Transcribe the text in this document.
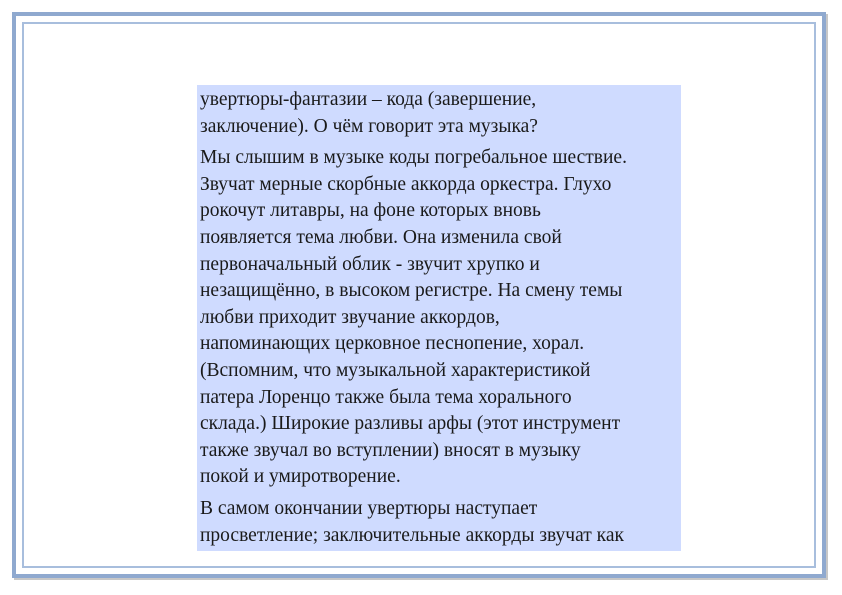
увертюры-фантазии – кода (завершение,
заключение). О чём говорит эта музыка?

Мы слышим в музыке коды погребальное шествие.
Звучат мерные скорбные аккорда оркестра. Глухо
рокочут литавры, на фоне которых вновь
появляется тема любви. Она изменила свой
первоначальный облик - звучит хрупко и
незащищённо, в высоком регистре. На смену темы
любви приходит звучание аккордов,
напоминающих церковное песнопение, хорал.
(Вспомним, что музыкальной характеристикой
патера Лоренцо также была тема хорального
склада.) Широкие разливы арфы (этот инструмент
также звучал во вступлении) вносят в музыку
покой и умиротворение.

В самом окончании увертюры наступает
просветление; заключительные аккорды звучат как
